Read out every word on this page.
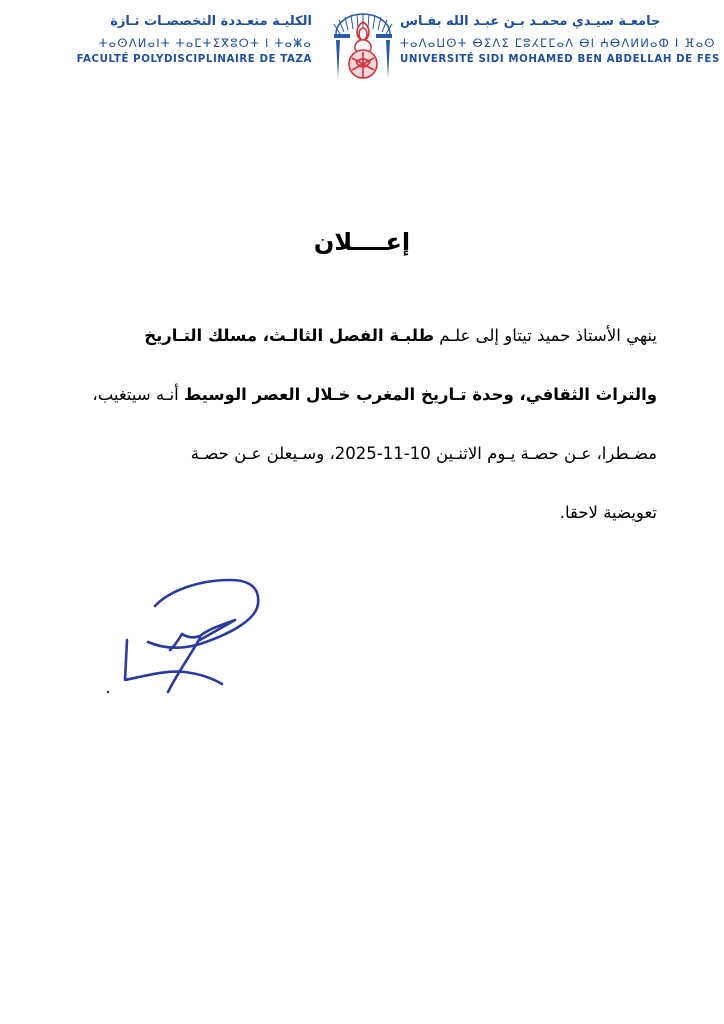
الكليـة متعـددة التخصصـات تـازة
ⵜⴰⵙⴷⵍⴰⵏⵜ ⵜⴰⵎⵜⵉⴳⵓⵔⵜ ⵏ ⵜⴰⵥⴰ
FACULTÉ POLYDISCIPLINAIRE DE TAZA
جامعـة سيـدي محمـد بـن عبـد الله بفـاس
ⵜⴰⴷⴰⵡⵙⵜ ⴱⵉⴷⵉ ⵎⵓⵃⵎⵎⴰⴷ ⴱⵏ ⵄⴱⴷⵍⵍⴰⵀ ⵏ ⴼⴰⵙ
UNIVERSITÉ SIDI MOHAMED BEN ABDELLAH DE FES
إعــــلان
ينهي الأستاذ حميد تيتاو إلى علـم طلبـة الفصل الثالـث، مسلك التـاريخ
والتراث الثقافي، وحدة تـاريخ المغرب خـلال العصر الوسيط أنـه سيتغيب،
مضـطرا، عـن حصـة يـوم الاثنـين 10-11-2025، وسـيعلن عـن حصـة
تعويضية لاحقا.
